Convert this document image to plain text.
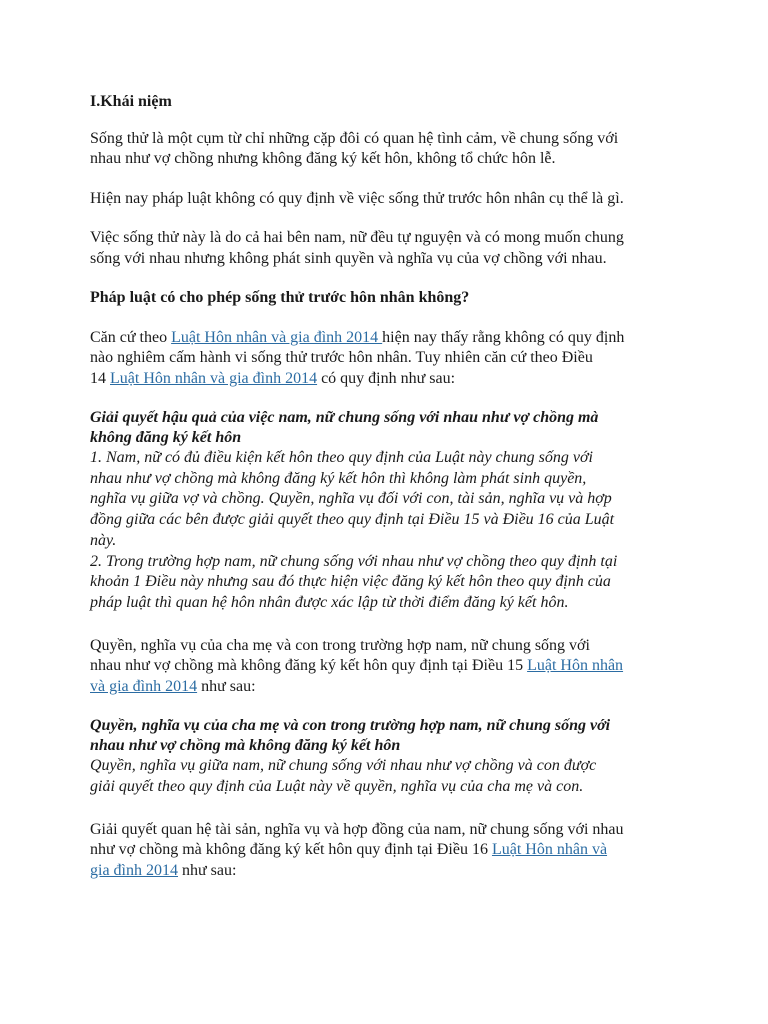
I.Khái niệm

Sống thử là một cụm từ chỉ những cặp đôi có quan hệ tình cảm, về chung sống với
nhau như vợ chồng nhưng không đăng ký kết hôn, không tổ chức hôn lễ.

Hiện nay pháp luật không có quy định về việc sống thử trước hôn nhân cụ thể là gì.

Việc sống thử này là do cả hai bên nam, nữ đều tự nguyện và có mong muốn chung
sống với nhau nhưng không phát sinh quyền và nghĩa vụ của vợ chồng với nhau.

Pháp luật có cho phép sống thử trước hôn nhân không?

Căn cứ theo Luật Hôn nhân và gia đình 2014 hiện nay thấy rằng không có quy định
nào nghiêm cấm hành vi sống thử trước hôn nhân. Tuy nhiên căn cứ theo Điều
14 Luật Hôn nhân và gia đình 2014 có quy định như sau:

Giải quyết hậu quả của việc nam, nữ chung sống với nhau như vợ chồng mà
không đăng ký kết hôn

1. Nam, nữ có đủ điều kiện kết hôn theo quy định của Luật này chung sống với
nhau như vợ chồng mà không đăng ký kết hôn thì không làm phát sinh quyền,
nghĩa vụ giữa vợ và chồng. Quyền, nghĩa vụ đối với con, tài sản, nghĩa vụ và hợp
đồng giữa các bên được giải quyết theo quy định tại Điều 15 và Điều 16 của Luật
này.
2. Trong trường hợp nam, nữ chung sống với nhau như vợ chồng theo quy định tại
khoản 1 Điều này nhưng sau đó thực hiện việc đăng ký kết hôn theo quy định của
pháp luật thì quan hệ hôn nhân được xác lập từ thời điểm đăng ký kết hôn.

Quyền, nghĩa vụ của cha mẹ và con trong trường hợp nam, nữ chung sống với
nhau như vợ chồng mà không đăng ký kết hôn quy định tại Điều 15 Luật Hôn nhân
và gia đình 2014 như sau:

Quyền, nghĩa vụ của cha mẹ và con trong trường hợp nam, nữ chung sống với
nhau như vợ chồng mà không đăng ký kết hôn

Quyền, nghĩa vụ giữa nam, nữ chung sống với nhau như vợ chồng và con được
giải quyết theo quy định của Luật này về quyền, nghĩa vụ của cha mẹ và con.

Giải quyết quan hệ tài sản, nghĩa vụ và hợp đồng của nam, nữ chung sống với nhau
như vợ chồng mà không đăng ký kết hôn quy định tại Điều 16 Luật Hôn nhân và
gia đình 2014 như sau:
